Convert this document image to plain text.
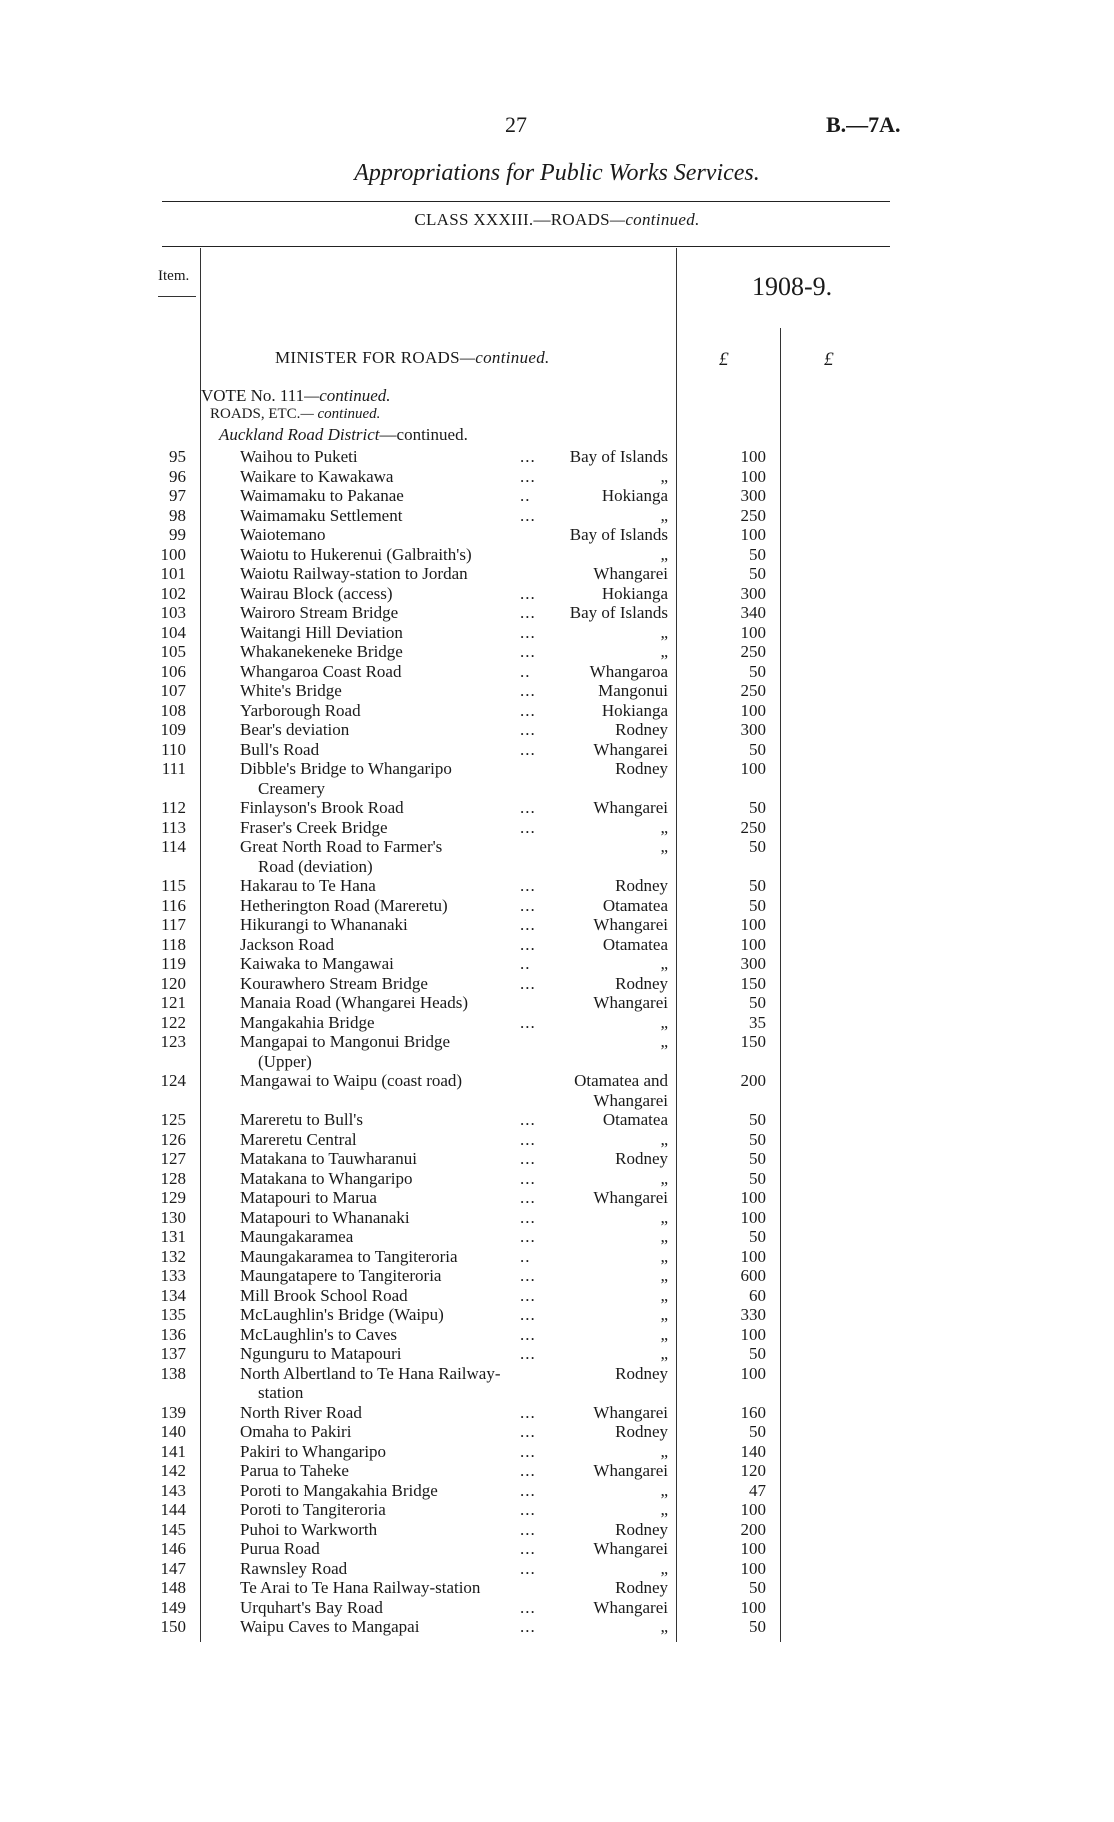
27	B.—7A.
Appropriations for Public Works Services.
CLASS XXXIII.—ROADS—continued.
Item.	1908-9.
MINISTER FOR ROADS—continued.	£	£
VOTE No. 111—continued.
ROADS, ETC.— continued.
Auckland Road District—continued.
95	Waihou to Puketi	... Bay of Islands	100
96	Waikare to Kawakawa	...	„	100
97	Waimamaku to Pakanae	..	Hokianga	300
98	Waimamaku Settlement	...	„	250
99	Waiotemano	Bay of Islands	100
100	Waiotu to Hukerenui (Galbraith's)	„	50
101	Waiotu Railway-station to Jordan	Whangarei	50
102	Wairau Block (access)	...	Hokianga	300
103	Wairoro Stream Bridge	... Bay of Islands	340
104	Waitangi Hill Deviation	...	„	100
105	Whakanekeneke Bridge	...	„	250
106	Whangaroa Coast Road	..	Whangaroa	50
107	White's Bridge	...	Mangonui	250
108	Yarborough Road	...	Hokianga	100
109	Bear's deviation	...	Rodney	300
110	Bull's Road	...	Whangarei	50
111	Dibble's Bridge to Whangaripo	Rodney	100
Creamery
112	Finlayson's Brook Road	...	Whangarei	50
113	Fraser's Creek Bridge	...	„	250
114	Great North Road to Farmer's	„	50
Road (deviation)
115	Hakarau to Te Hana	...	Rodney	50
116	Hetherington Road (Mareretu)	...	Otamatea	50
117	Hikurangi to Whananaki	...	Whangarei	100
118	Jackson Road	...	Otamatea	100
119	Kaiwaka to Mangawai	..	„	300
120	Kourawhero Stream Bridge	...	Rodney	150
121	Manaia Road (Whangarei Heads)	Whangarei	50
122	Mangakahia Bridge	...	„	35
123	Mangapai to Mangonui Bridge	„	150
(Upper)
124	Mangawai to Waipu (coast road)	Otamatea and	200
Whangarei
125	Mareretu to Bull's	...	Otamatea	50
126	Mareretu Central	...	„	50
127	Matakana to Tauwharanui	...	Rodney	50
128	Matakana to Whangaripo	...	„	50
129	Matapouri to Marua	...	Whangarei	100
130	Matapouri to Whananaki	...	„	100
131	Maungakaramea	...	„	50
132	Maungakaramea to Tangiteroria	..	„	100
133	Maungatapere to Tangiteroria	...	„	600
134	Mill Brook School Road	...	„	60
135	McLaughlin's Bridge (Waipu)	...	„	330
136	McLaughlin's to Caves	...	„	100
137	Ngunguru to Matapouri	...	„	50
138	North Albertland to Te Hana Railway-	Rodney	100
station
139	North River Road	...	Whangarei	160
140	Omaha to Pakiri	...	Rodney	50
141	Pakiri to Whangaripo	...	„	140
142	Parua to Taheke	...	Whangarei	120
143	Poroti to Mangakahia Bridge	...	„	47
144	Poroti to Tangiteroria	...	„	100
145	Puhoi to Warkworth	...	Rodney	200
146	Purua Road	...	Whangarei	100
147	Rawnsley Road	...	„	100
148	Te Arai to Te Hana Railway-station	Rodney	50
149	Urquhart's Bay Road	...	Whangarei	100
150	Waipu Caves to Mangapai	...	„	50
